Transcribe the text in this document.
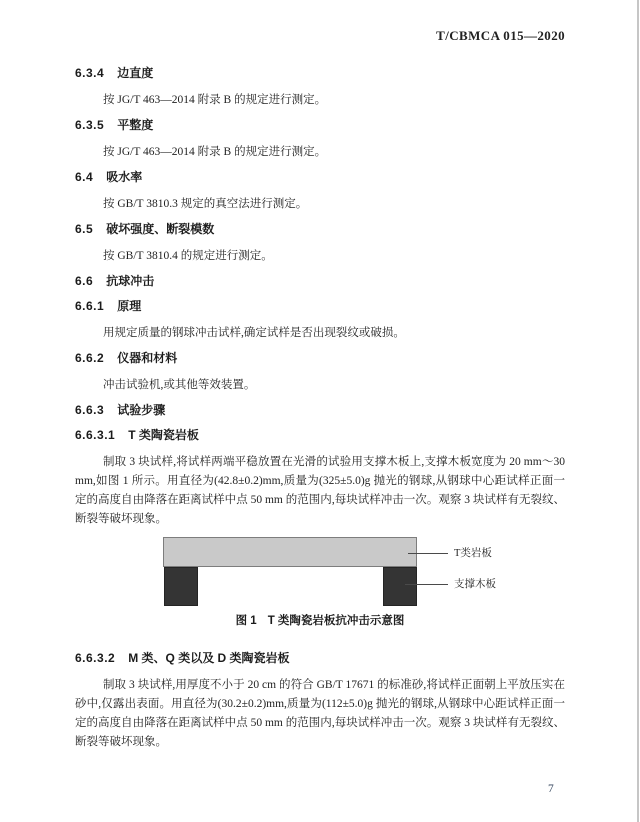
T/CBMCA 015—2020
6.3.4 边直度

按 JG/T 463—2014 附录 B 的规定进行测定。

6.3.5 平整度

按 JG/T 463—2014 附录 B 的规定进行测定。

6.4 吸水率

按 GB/T 3810.3 规定的真空法进行测定。

6.5 破坏强度、断裂模数

按 GB/T 3810.4 的规定进行测定。

6.6 抗球冲击
6.6.1 原理

用规定质量的钢球冲击试样,确定试样是否出现裂纹或破损。

6.6.2 仪器和材料

冲击试验机,或其他等效装置。

6.6.3 试验步骤
6.6.3.1 T 类陶瓷岩板

制取 3 块试样,将试样两端平稳放置在光滑的试验用支撑木板上,支撑木板宽度为 20 mm～30 mm,如图 1 所示。用直径为(42.8±0.2)mm,质量为(325±5.0)g 抛光的钢球,从钢球中心距试样正面一定的高度自由降落在距离试样中点 50 mm 的范围内,每块试样冲击一次。观察 3 块试样有无裂纹、断裂等破坏现象。

T类岩板
支撑木板
图 1 T 类陶瓷岩板抗冲击示意图
6.6.3.2 M 类、Q 类以及 D 类陶瓷岩板

制取 3 块试样,用厚度不小于 20 cm 的符合 GB/T 17671 的标准砂,将试样正面朝上平放压实在砂中,仅露出表面。用直径为(30.2±0.2)mm,质量为(112±5.0)g 抛光的钢球,从钢球中心距试样正面一定的高度自由降落在距离试样中点 50 mm 的范围内,每块试样冲击一次。观察 3 块试样有无裂纹、断裂等破坏现象。

7
